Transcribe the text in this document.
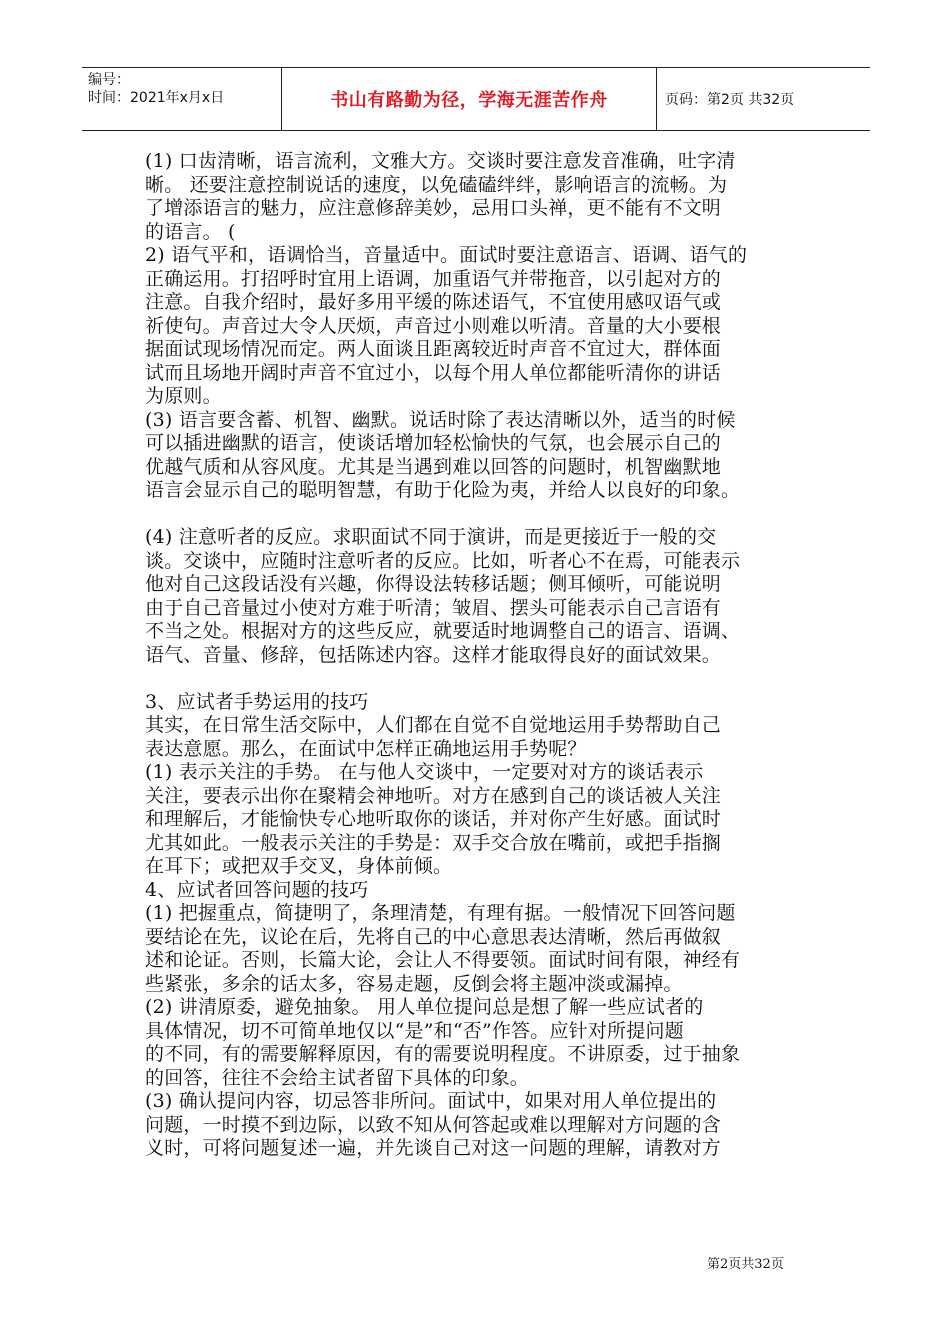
编号：
时间：2021年x月x日	书山有路勤为径，学海无涯苦作舟	页码：第2页 共32页
(1) 口齿清晰，语言流利，文雅大方。交谈时要注意发音准确，吐字清
晰。 还要注意控制说话的速度，以免磕磕绊绊，影响语言的流畅。为
了增添语言的魅力，应注意修辞美妙，忌用口头禅，更不能有不文明
的语言。 (
2) 语气平和，语调恰当，音量适中。面试时要注意语言、语调、语气的
正确运用。打招呼时宜用上语调，加重语气并带拖音，以引起对方的
注意。自我介绍时，最好多用平缓的陈述语气，不宜使用感叹语气或
祈使句。声音过大令人厌烦，声音过小则难以听清。音量的大小要根
据面试现场情况而定。两人面谈且距离较近时声音不宜过大，群体面
试而且场地开阔时声音不宜过小，以每个用人单位都能听清你的讲话
为原则。
(3) 语言要含蓄、机智、幽默。说话时除了表达清晰以外，适当的时候
可以插进幽默的语言，使谈话增加轻松愉快的气氛，也会展示自己的
优越气质和从容风度。尤其是当遇到难以回答的问题时，机智幽默地
语言会显示自己的聪明智慧，有助于化险为夷，并给人以良好的印象。
(4) 注意听者的反应。求职面试不同于演讲，而是更接近于一般的交
谈。交谈中，应随时注意听者的反应。比如，听者心不在焉，可能表示
他对自己这段话没有兴趣，你得设法转移话题；侧耳倾听，可能说明
由于自己音量过小使对方难于听清；皱眉、摆头可能表示自己言语有
不当之处。根据对方的这些反应，就要适时地调整自己的语言、语调、
语气、音量、修辞，包括陈述内容。这样才能取得良好的面试效果。
3、应试者手势运用的技巧
其实，在日常生活交际中，人们都在自觉不自觉地运用手势帮助自己
表达意愿。那么，在面试中怎样正确地运用手势呢？
(1) 表示关注的手势。 在与他人交谈中，一定要对对方的谈话表示
关注，要表示出你在聚精会神地听。对方在感到自己的谈话被人关注
和理解后，才能愉快专心地听取你的谈话，并对你产生好感。面试时
尤其如此。一般表示关注的手势是：双手交合放在嘴前，或把手指搁
在耳下；或把双手交叉，身体前倾。
4、应试者回答问题的技巧
(1) 把握重点，简捷明了，条理清楚，有理有据。一般情况下回答问题
要结论在先，议论在后，先将自己的中心意思表达清晰，然后再做叙
述和论证。否则，长篇大论，会让人不得要领。面试时间有限，神经有
些紧张，多余的话太多，容易走题，反倒会将主题冲淡或漏掉。
(2) 讲清原委，避免抽象。 用人单位提问总是想了解一些应试者的
具体情况，切不可简单地仅以“是”和“否”作答。应针对所提问题
的不同，有的需要解释原因，有的需要说明程度。不讲原委，过于抽象
的回答，往往不会给主试者留下具体的印象。
(3) 确认提问内容，切忌答非所问。面试中，如果对用人单位提出的
问题，一时摸不到边际，以致不知从何答起或难以理解对方问题的含
义时，可将问题复述一遍，并先谈自己对这一问题的理解，请教对方
第2页共32页
